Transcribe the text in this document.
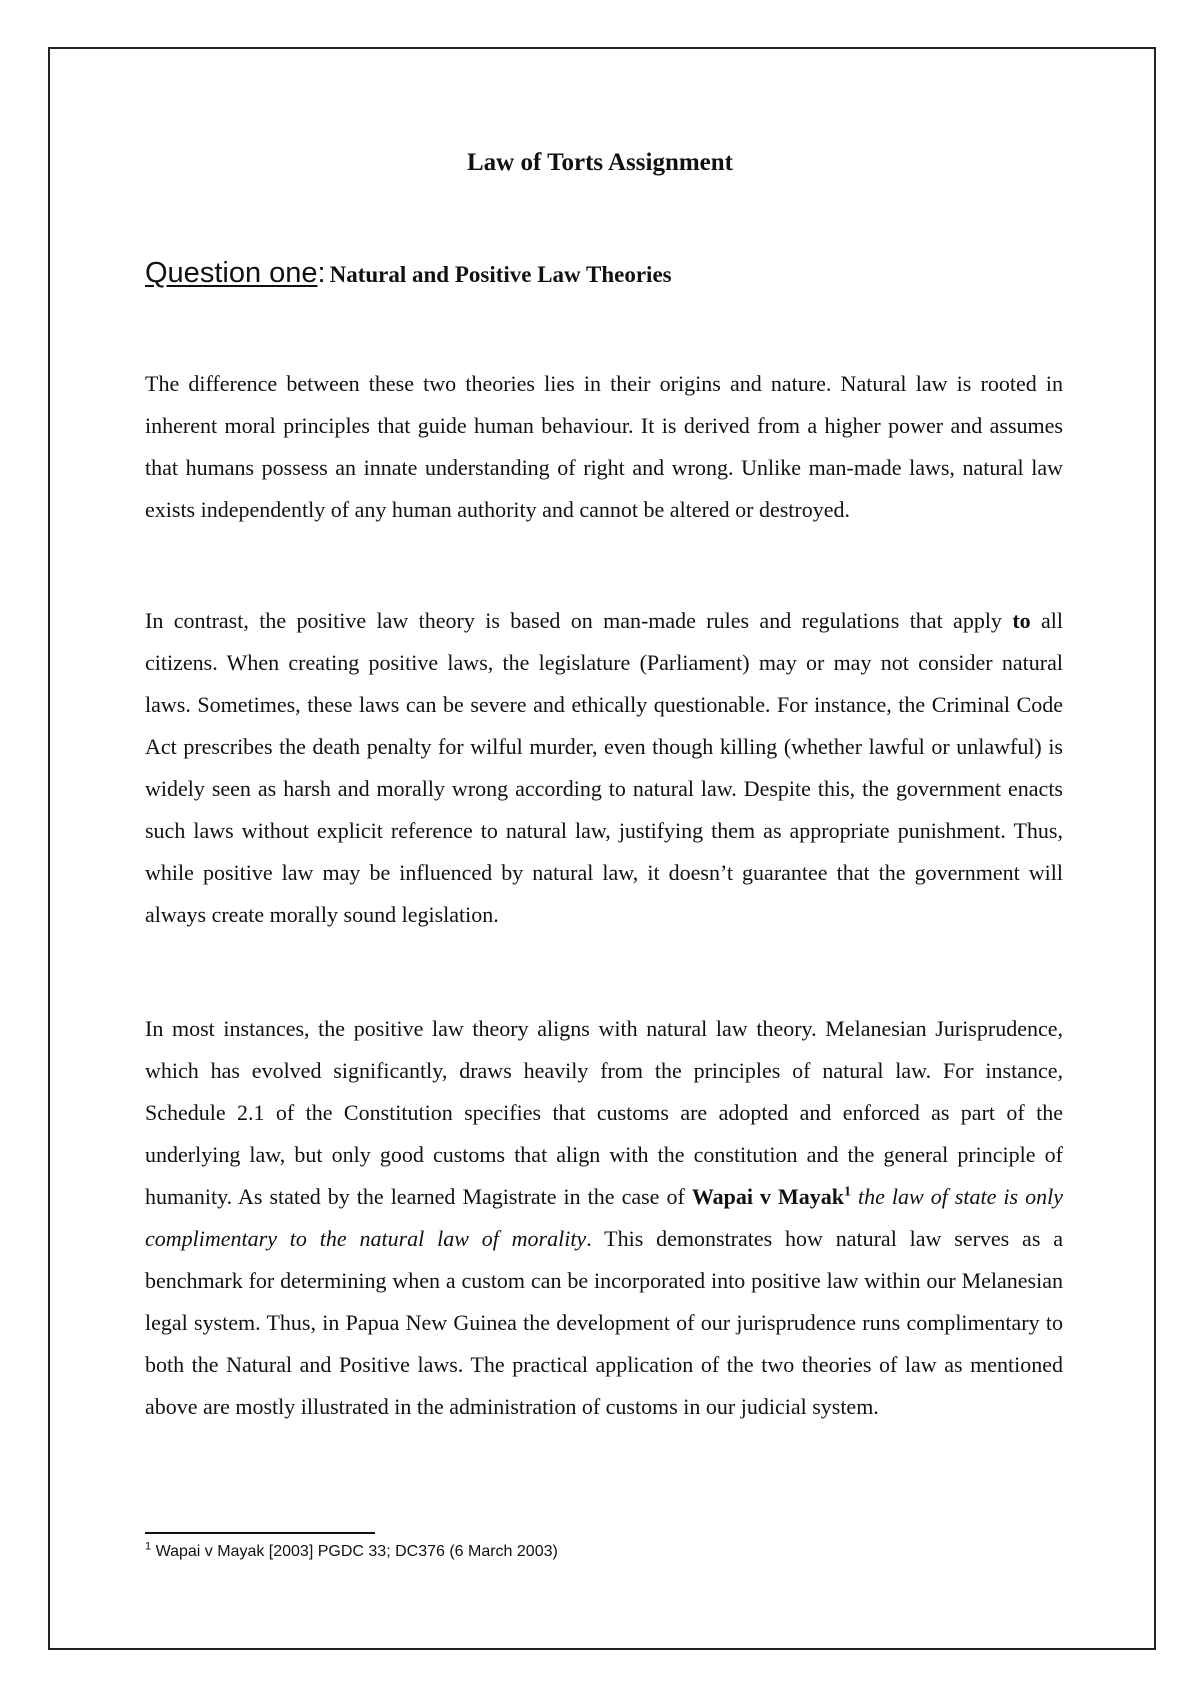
Law of Torts Assignment
Question one: Natural and Positive Law Theories

The difference between these two theories lies in their origins and nature. Natural law is rooted in inherent moral principles that guide human behaviour. It is derived from a higher power and assumes that humans possess an innate understanding of right and wrong. Unlike man-made laws, natural law exists independently of any human authority and cannot be altered or destroyed.

In contrast, the positive law theory is based on man-made rules and regulations that apply to all citizens. When creating positive laws, the legislature (Parliament) may or may not consider natural laws. Sometimes, these laws can be severe and ethically questionable. For instance, the Criminal Code Act prescribes the death penalty for wilful murder, even though killing (whether lawful or unlawful) is widely seen as harsh and morally wrong according to natural law. Despite this, the government enacts such laws without explicit reference to natural law, justifying them as appropriate punishment. Thus, while positive law may be influenced by natural law, it doesn’t guarantee that the government will always create morally sound legislation.

In most instances, the positive law theory aligns with natural law theory. Melanesian Jurisprudence, which has evolved significantly, draws heavily from the principles of natural law. For instance, Schedule 2.1 of the Constitution specifies that customs are adopted and enforced as part of the underlying law, but only good customs that align with the constitution and the general principle of humanity. As stated by the learned Magistrate in the case of Wapai v Mayak$^1$ the law of state is only complimentary to the natural law of morality. This demonstrates how natural law serves as a benchmark for determining when a custom can be incorporated into positive law within our Melanesian legal system. Thus, in Papua New Guinea the development of our jurisprudence runs complimentary to both the Natural and Positive laws. The practical application of the two theories of law as mentioned above are mostly illustrated in the administration of customs in our judicial system.

$^1$ Wapai v Mayak [2003] PGDC 33; DC376 (6 March 2003)
